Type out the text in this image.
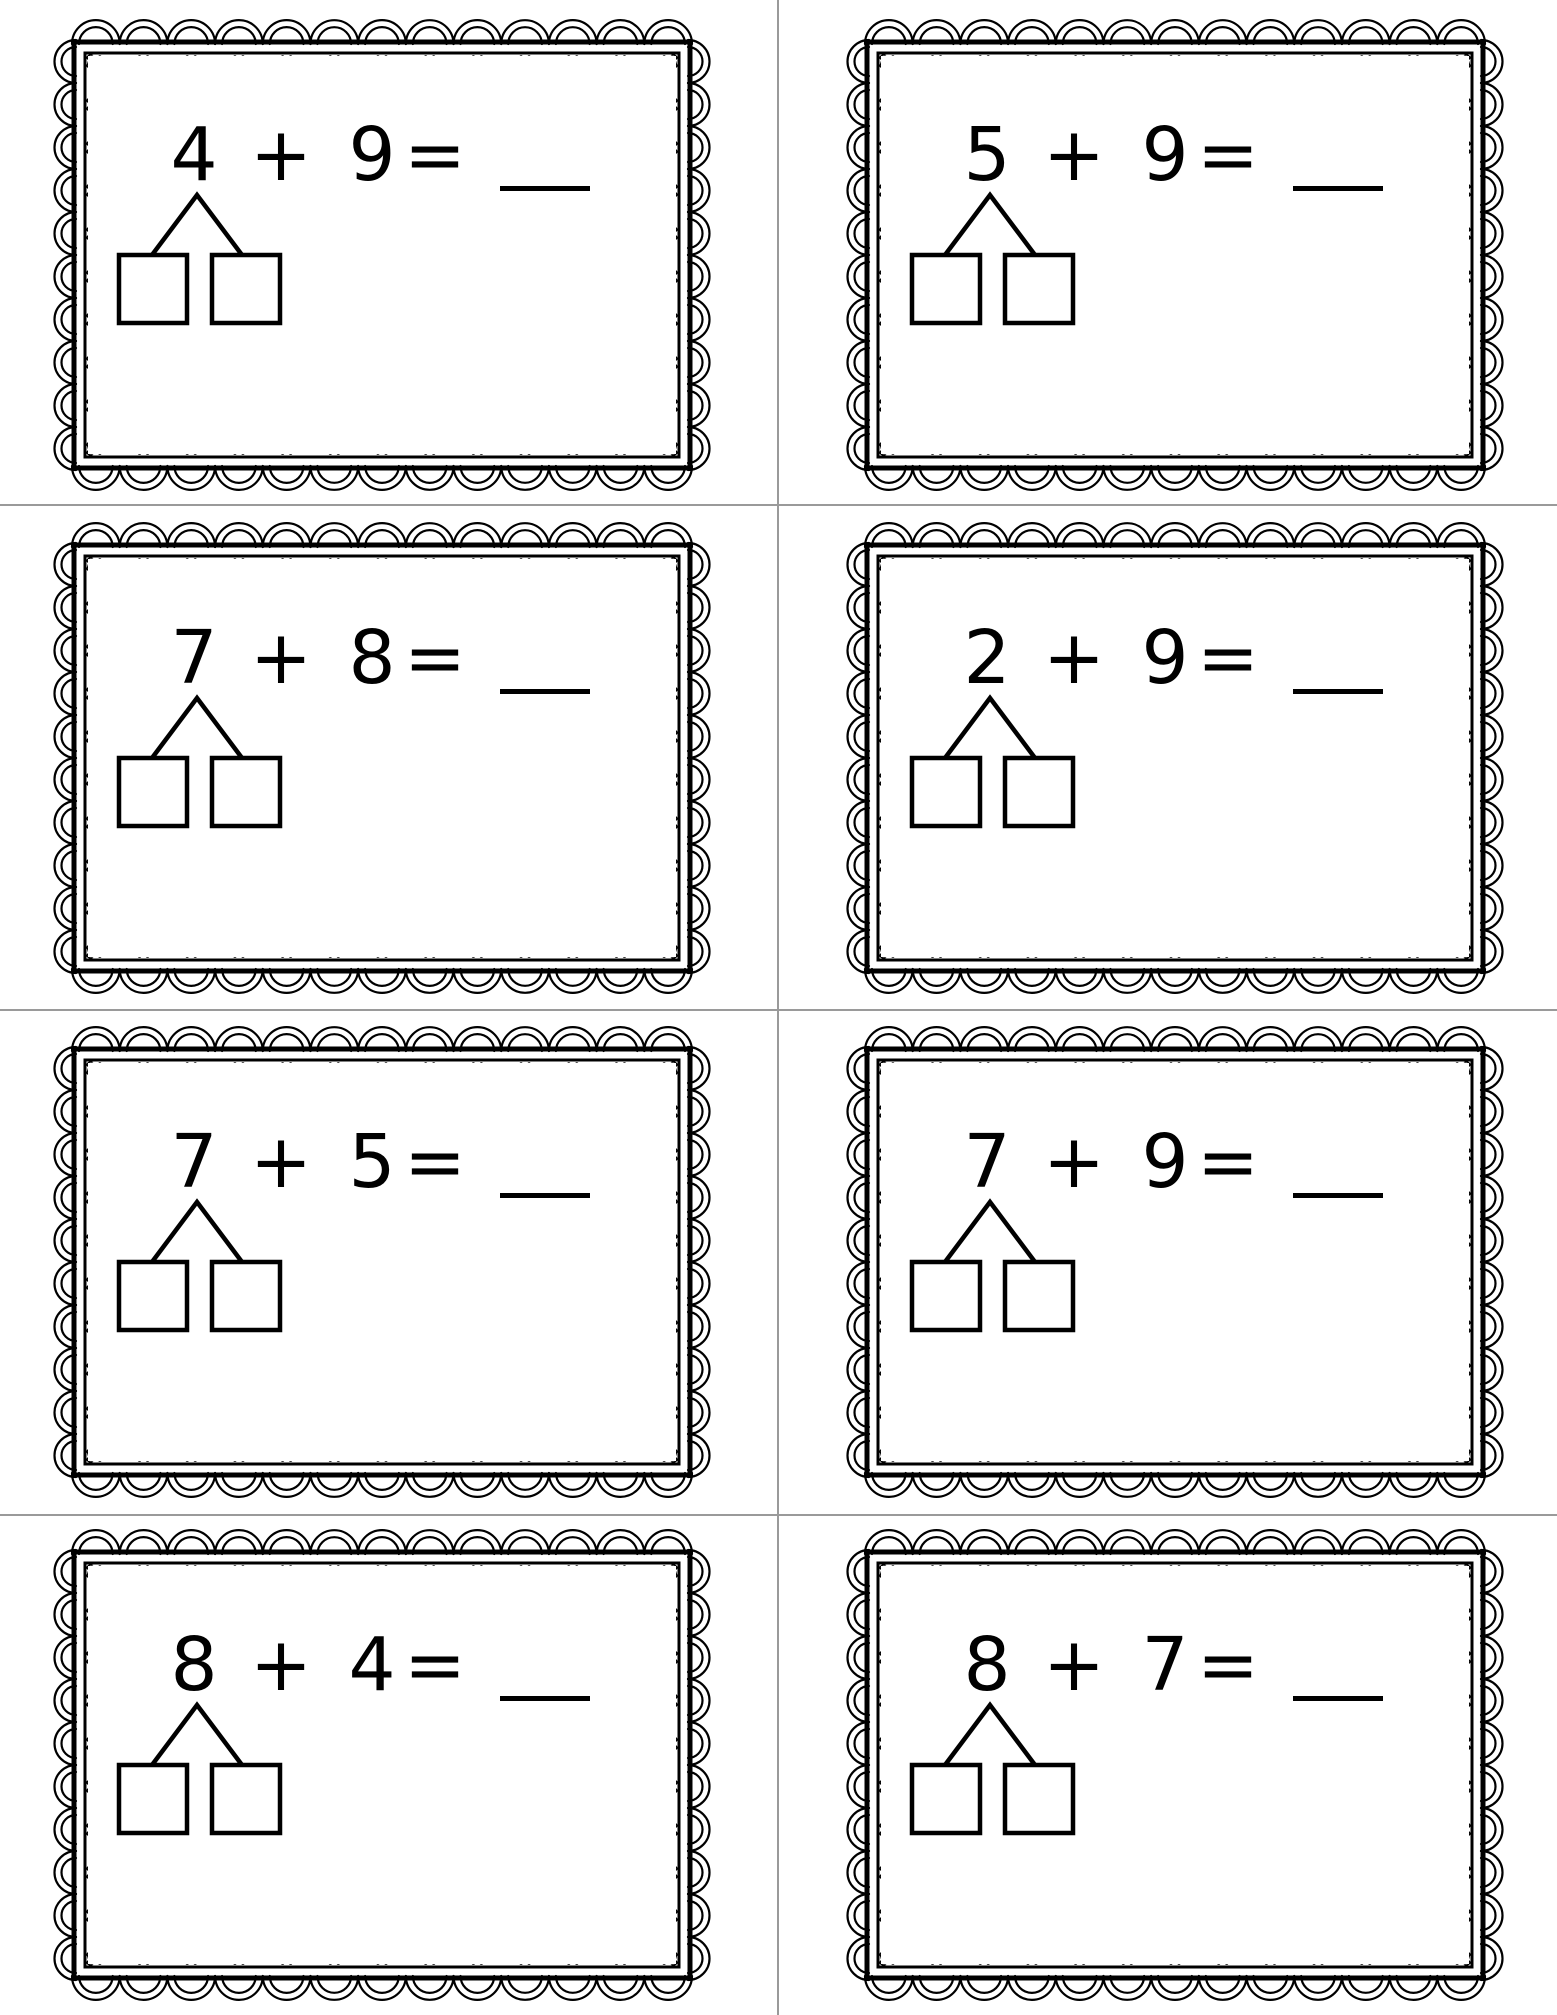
4 + 9 =	5 + 9 =
7 + 8 =	2 + 9 =
7 + 5 =	7 + 9 =
8 + 4 =	8 + 7 =
